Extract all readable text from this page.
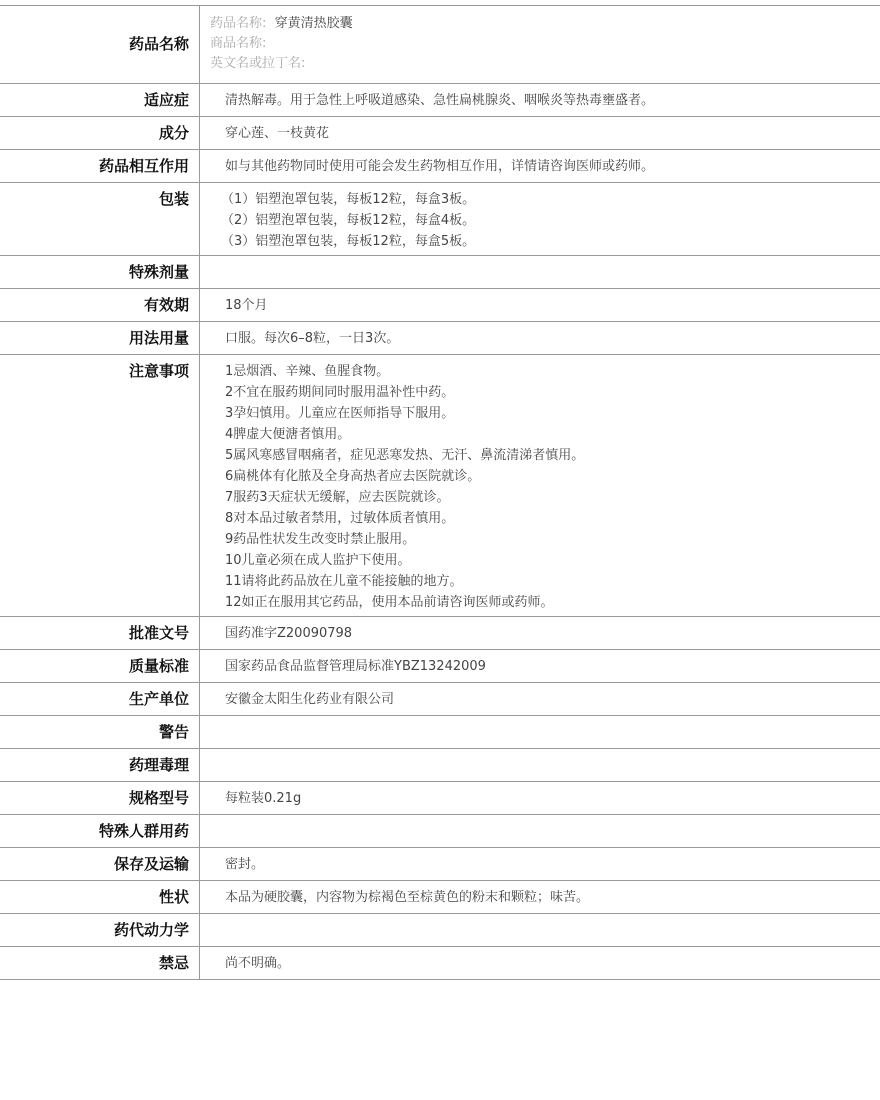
药品名称
药品名称: 穿黄清热胶囊
商品名称:
英文名或拉丁名:
适应症	清热解毒。用于急性上呼吸道感染、急性扁桃腺炎、咽喉炎等热毒壅盛者。
成分	穿心莲、一枝黄花
药品相互作用	如与其他药物同时使用可能会发生药物相互作用，详情请咨询医师或药师。
包装	（1）铝塑泡罩包装，每板12粒，每盒3板。
（2）铝塑泡罩包装，每板12粒，每盒4板。
（3）铝塑泡罩包装，每板12粒，每盒5板。
特殊剂量
有效期	18个月
用法用量	口服。每次6–8粒，一日3次。
注意事项	1忌烟酒、辛辣、鱼腥食物。
2不宜在服药期间同时服用温补性中药。
3孕妇慎用。儿童应在医师指导下服用。
4脾虚大便溏者慎用。
5属风寒感冒咽痛者，症见恶寒发热、无汗、鼻流清涕者慎用。
6扁桃体有化脓及全身高热者应去医院就诊。
7服药3天症状无缓解，应去医院就诊。
8对本品过敏者禁用，过敏体质者慎用。
9药品性状发生改变时禁止服用。
10儿童必须在成人监护下使用。
11请将此药品放在儿童不能接触的地方。
12如正在服用其它药品，使用本品前请咨询医师或药师。
批准文号	国药准字Z20090798
质量标准	国家药品食品监督管理局标准YBZ13242009
生产单位	安徽金太阳生化药业有限公司
警告
药理毒理
规格型号	每粒装0.21g
特殊人群用药
保存及运输	密封。
性状	本品为硬胶囊，内容物为棕褐色至棕黄色的粉末和颗粒；味苦。
药代动力学
禁忌	尚不明确。
